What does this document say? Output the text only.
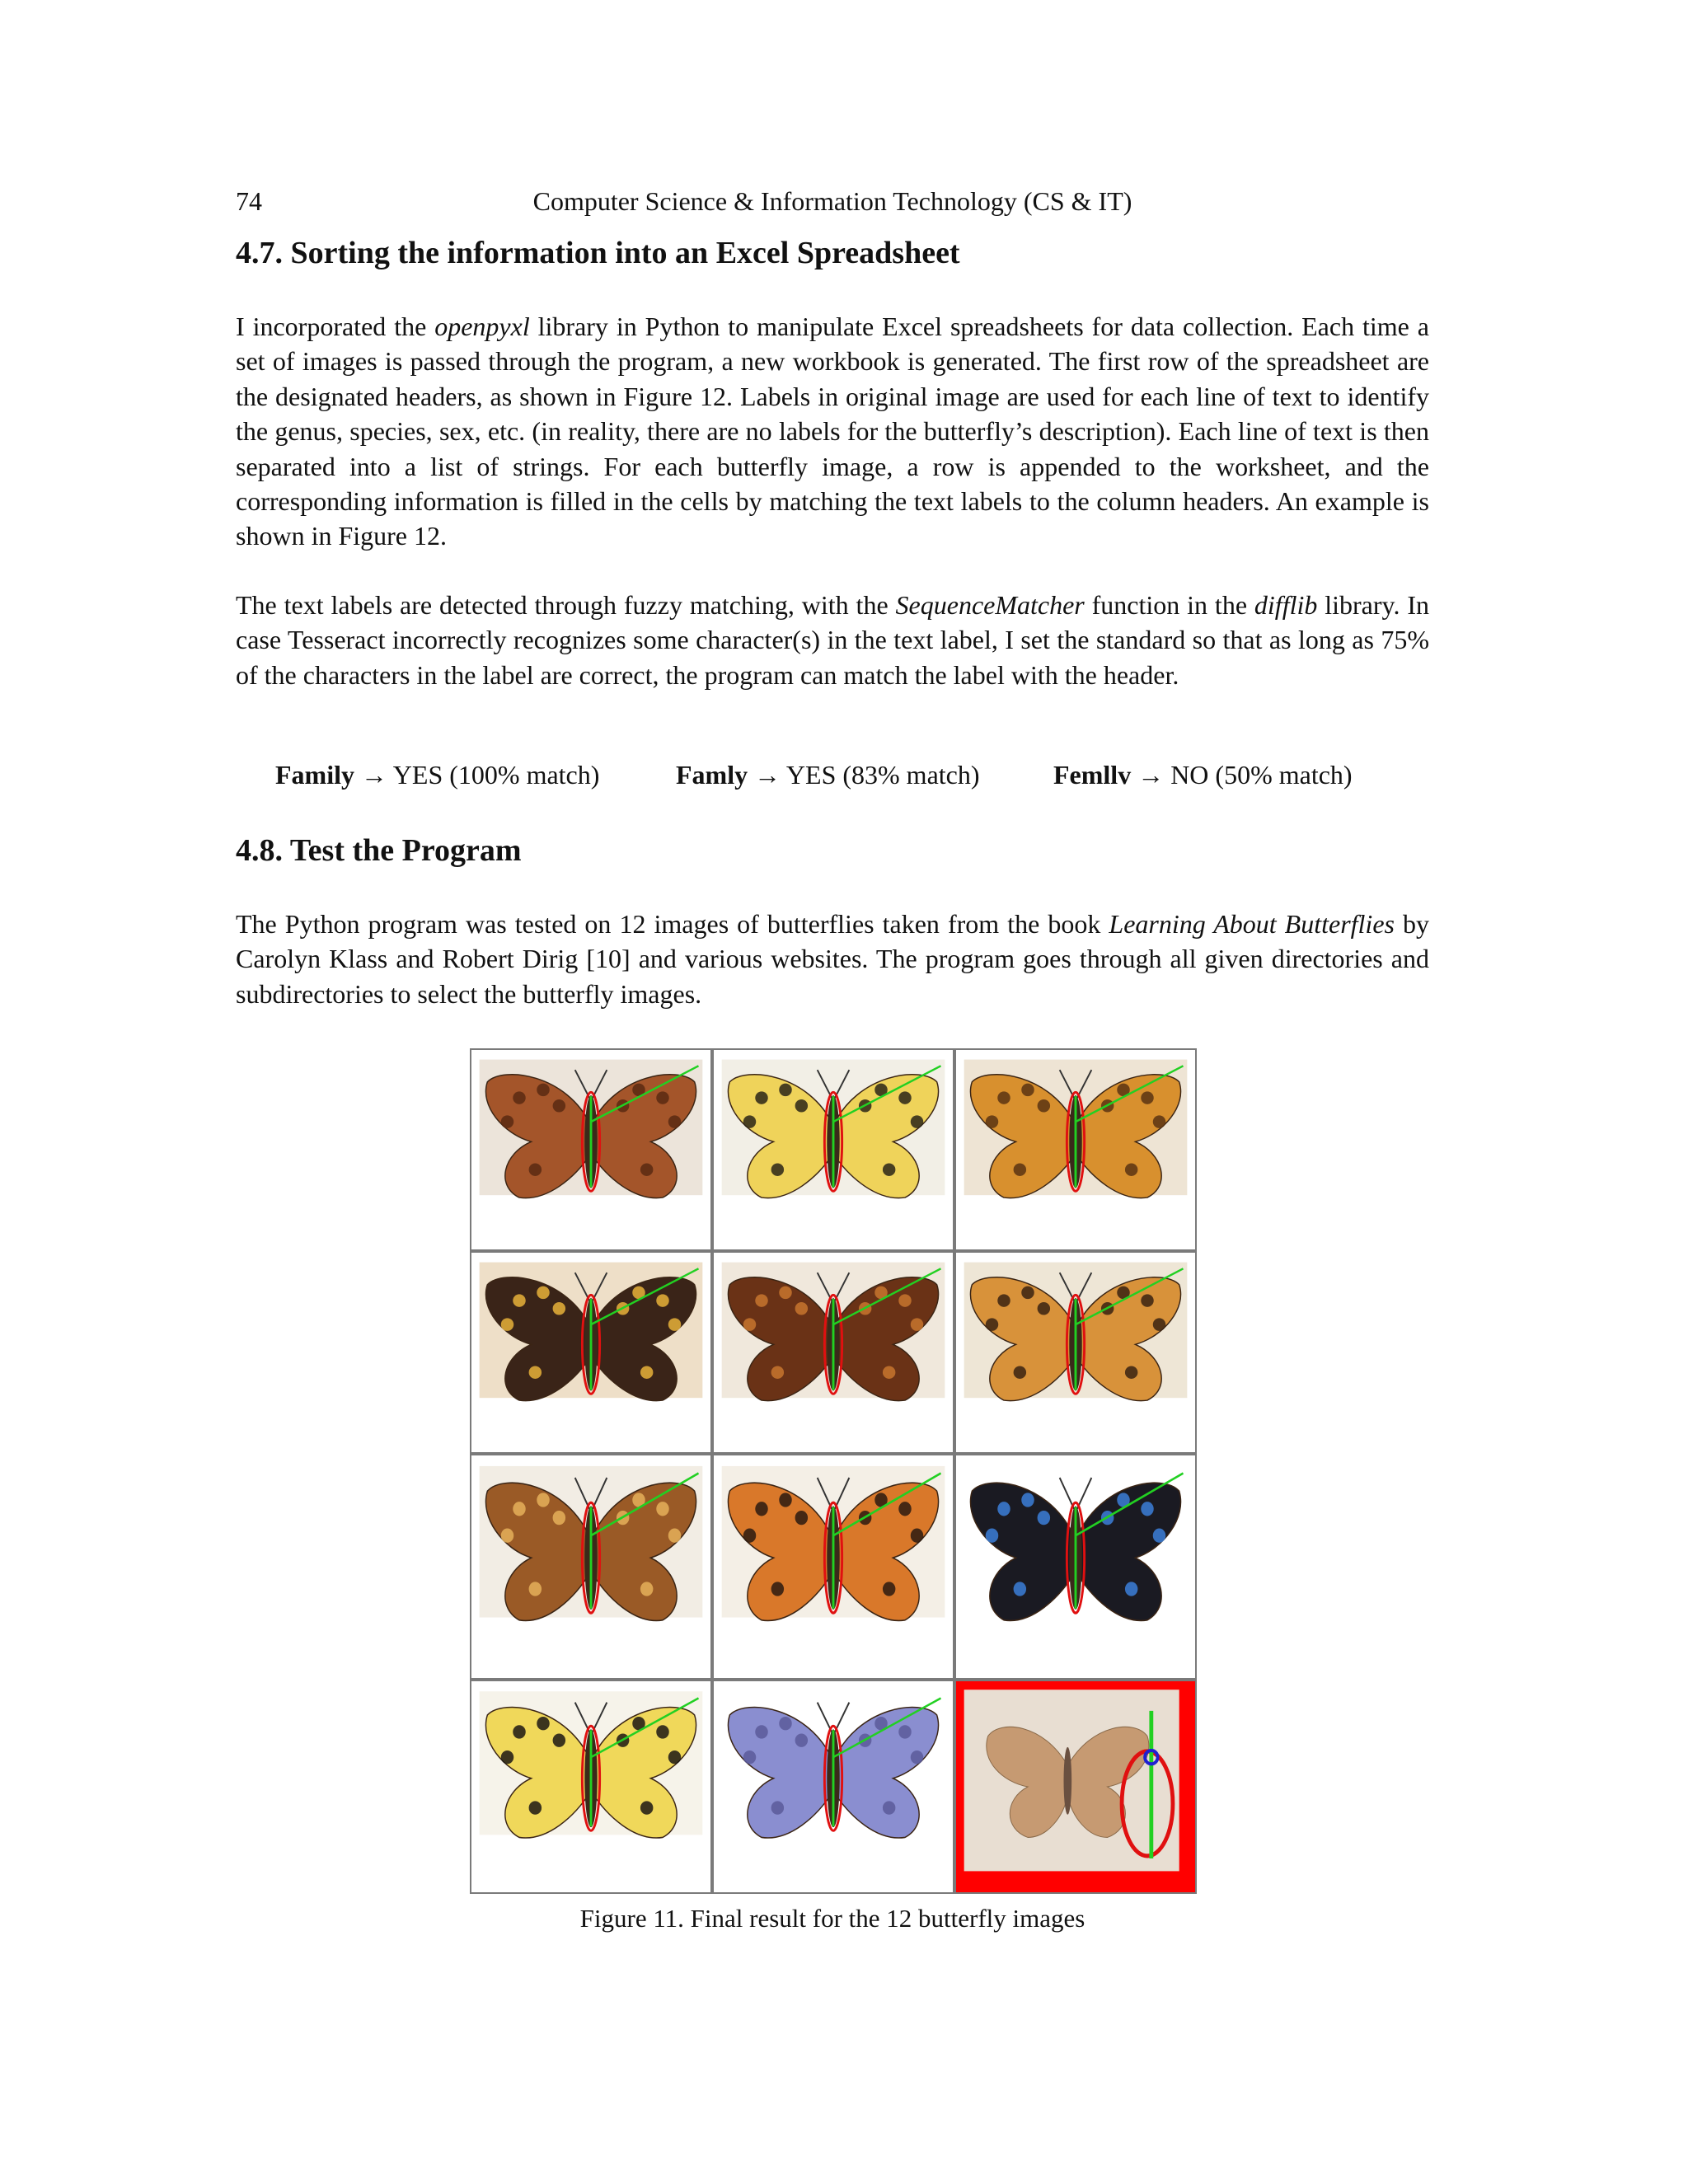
74	Computer Science & Information Technology (CS & IT)
4.7. Sorting the information into an Excel Spreadsheet

I incorporated the openpyxl library in Python to manipulate Excel spreadsheets for data collection. Each time a set of images is passed through the program, a new workbook is generated. The first row of the spreadsheet are the designated headers, as shown in Figure 12. Labels in original image are used for each line of text to identify the genus, species, sex, etc. (in reality, there are no labels for the butterfly’s description). Each line of text is then separated into a list of strings. For each butterfly image, a row is appended to the worksheet, and the corresponding information is filled in the cells by matching the text labels to the column headers. An example is shown in Figure 12.

The text labels are detected through fuzzy matching, with the SequenceMatcher function in the difflib library. In case Tesseract incorrectly recognizes some character(s) in the text label, I set the standard so that as long as 75% of the characters in the label are correct, the program can match the label with the header.

Family → YES (100% match)	Famly → YES (83% match)	Femllv → NO (50% match)
4.8. Test the Program

The Python program was tested on 12 images of butterflies taken from the book Learning About Butterflies by Carolyn Klass and Robert Dirig [10] and various websites. The program goes through all given directories and subdirectories to select the butterfly images.

Figure 11. Final result for the 12 butterfly images
